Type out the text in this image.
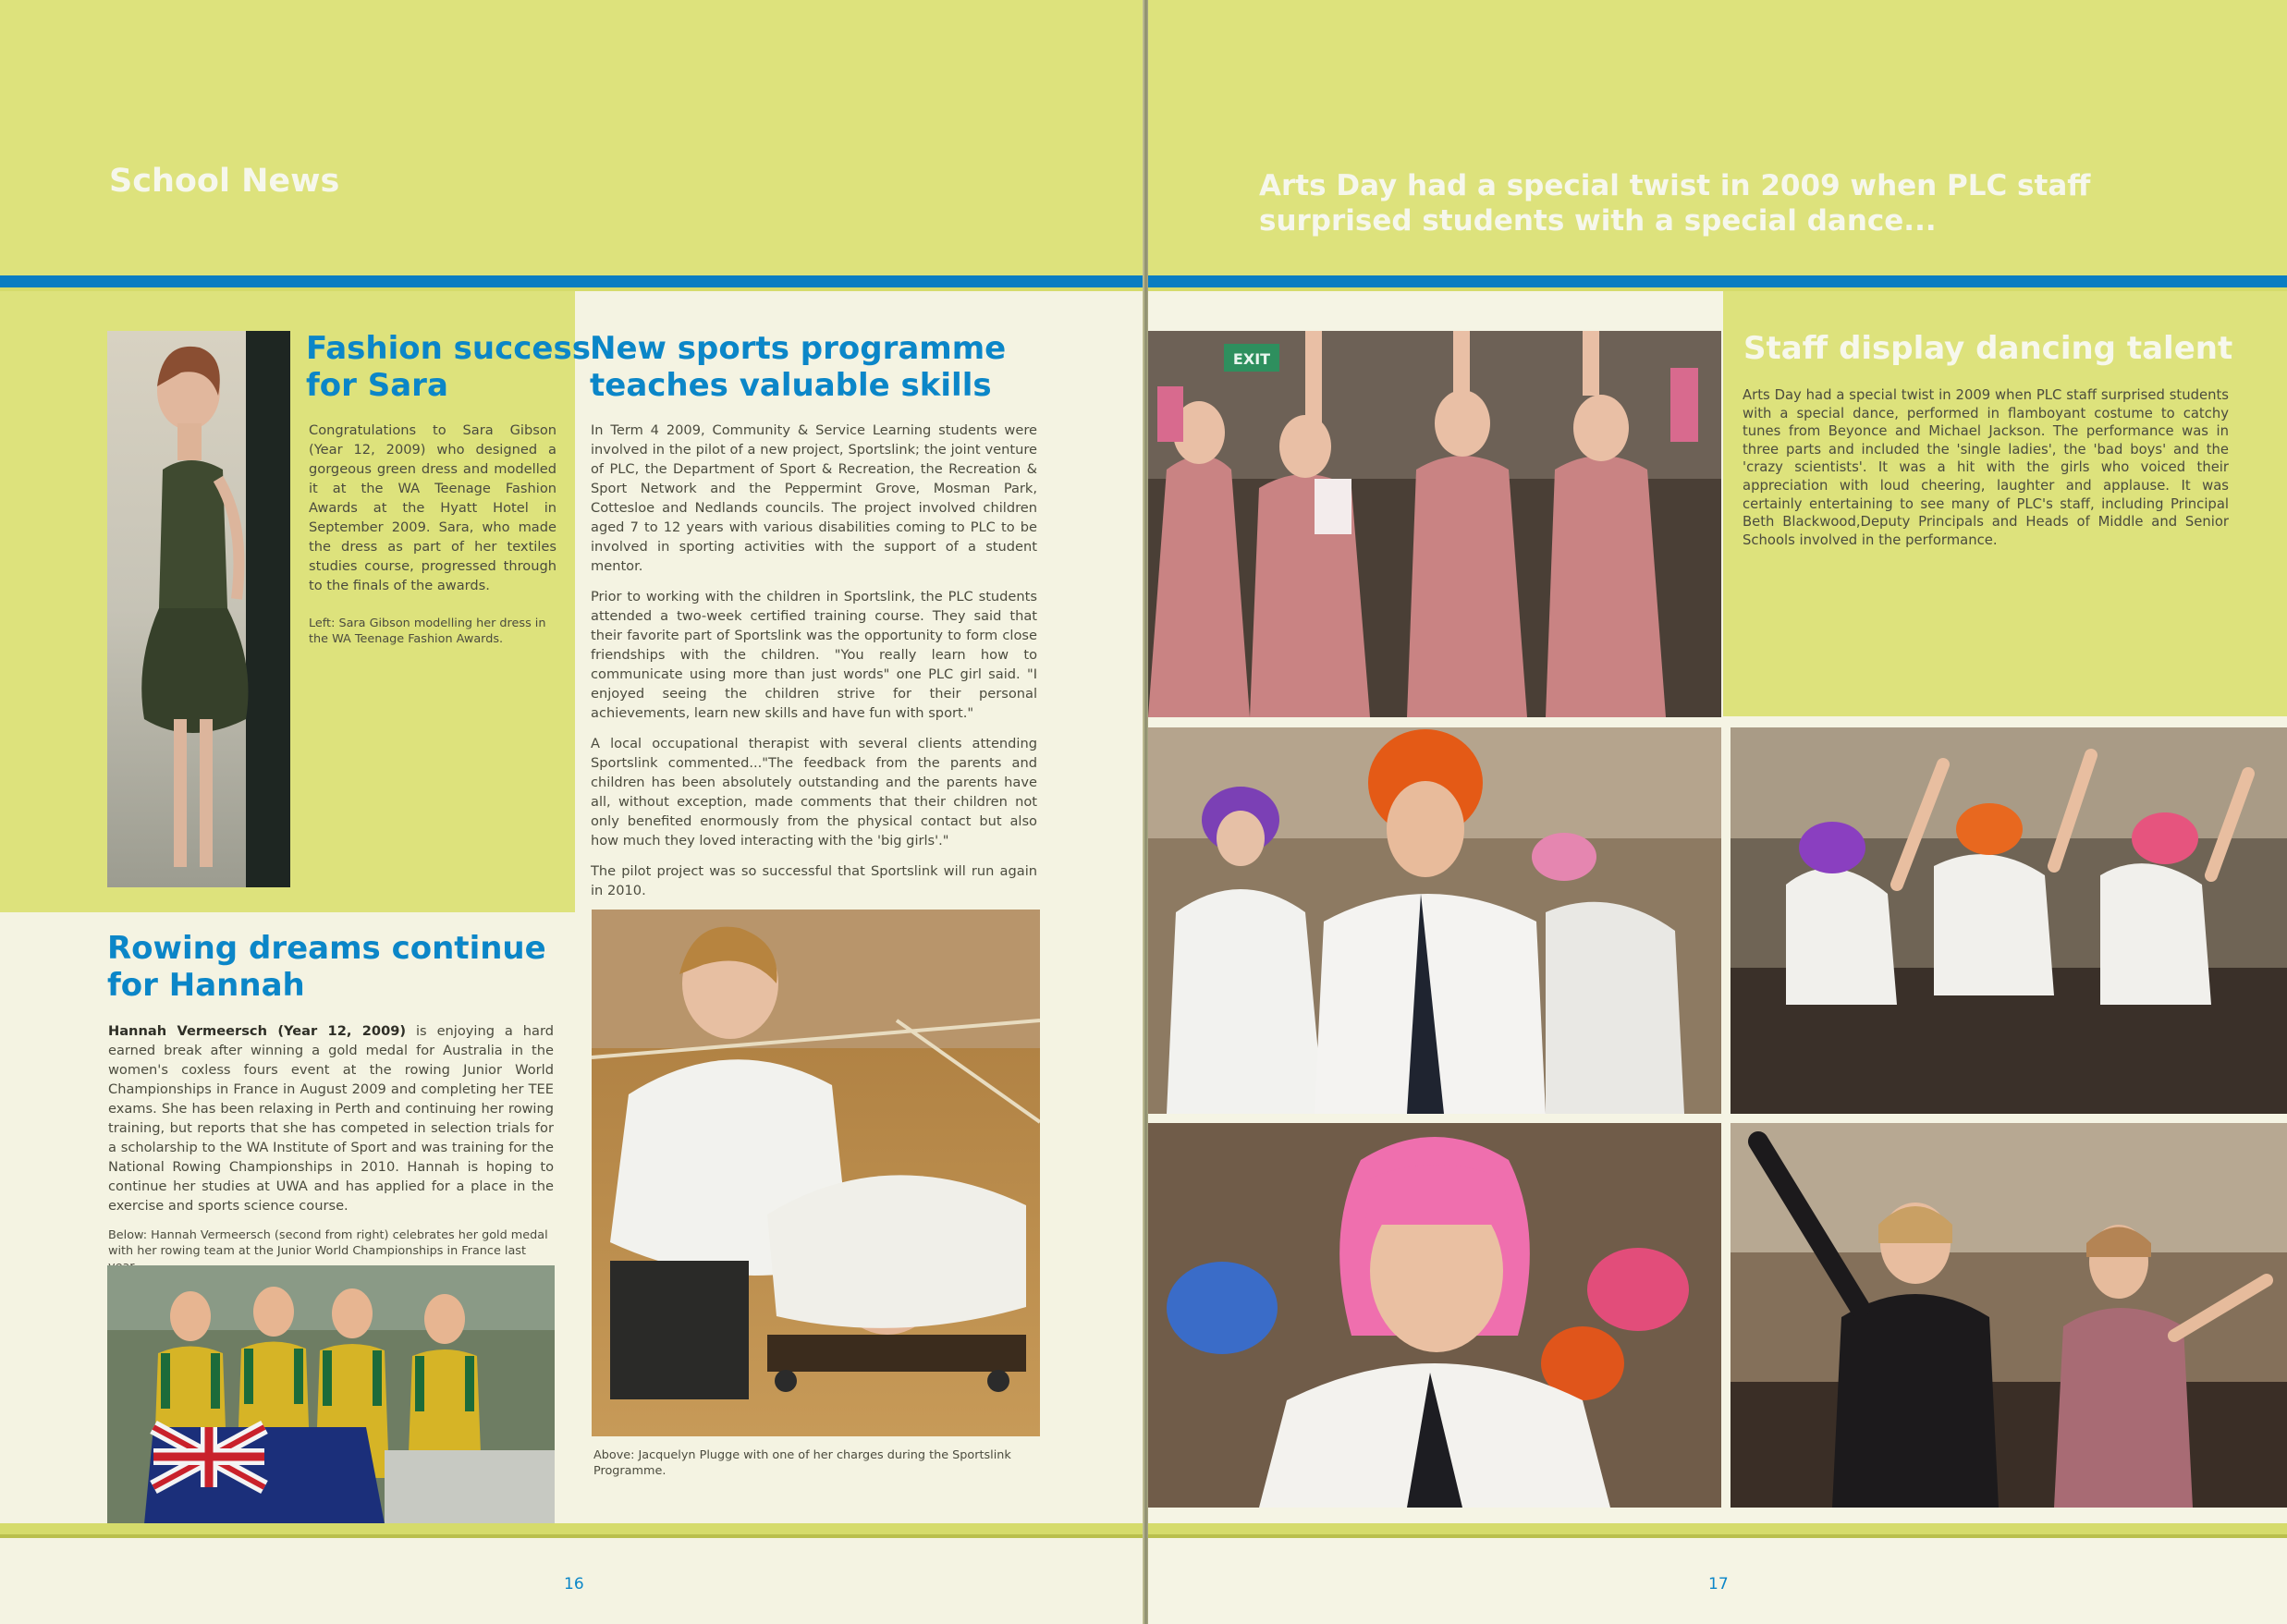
School News
Fashion success
for Sara

Congratulations to Sara Gibson (Year 12, 2009) who designed a gorgeous green dress and modelled it at the WA Teenage Fashion Awards at the Hyatt Hotel in September 2009. Sara, who made the dress as part of her textiles studies course, progressed through to the finals of the awards.

Left: Sara Gibson modelling her dress in the WA Teenage Fashion Awards.
New sports programme
teaches valuable skills

In Term 4 2009, Community & Service Learning students were involved in the pilot of a new project, Sportslink; the joint venture of PLC, the Department of Sport & Recreation, the Recreation & Sport Network and the Peppermint Grove, Mosman Park, Cottesloe and Nedlands councils. The project involved children aged 7 to 12 years with various disabilities coming to PLC to be involved in sporting activities with the support of a student mentor.

Prior to working with the children in Sportslink, the PLC students attended a two-week certified training course. They said that their favorite part of Sportslink was the opportunity to form close friendships with the children. "You really learn how to communicate using more than just words" one PLC girl said. "I enjoyed seeing the children strive for their personal achievements, learn new skills and have fun with sport."

A local occupational therapist with several clients attending Sportslink commented..."The feedback from the parents and children has been absolutely outstanding and the parents have all, without exception, made comments that their children not only benefited enormously from the physical contact but also how much they loved interacting with the 'big girls'."

The pilot project was so successful that Sportslink will run again in 2010.

Above: Jacquelyn Plugge with one of her charges during the Sportslink Programme.
Rowing dreams continue
for Hannah

Hannah Vermeersch (Year 12, 2009) is enjoying a hard earned break after winning a gold medal for Australia in the women's coxless fours event at the rowing Junior World Championships in France in August 2009 and completing her TEE exams. She has been relaxing in Perth and continuing her rowing training, but reports that she has competed in selection trials for a scholarship to the WA Institute of Sport and was training for the National Rowing Championships in 2010. Hannah is hoping to continue her studies at UWA and has applied for a place in the exercise and sports science course.

Below: Hannah Vermeersch (second from right) celebrates her gold medal with her rowing team at the Junior World Championships in France last
16
Arts Day had a special twist in 2009 when PLC staff surprised students with a special dance...
Staff display dancing talent

Arts Day had a special twist in 2009 when PLC staff surprised students with a special dance, performed in flamboyant costume to catchy tunes from Beyonce and Michael Jackson. The performance was in three parts and included the 'single ladies', the 'bad boys' and the 'crazy scientists'. It was a hit with the girls who voiced their appreciation with loud cheering, laughter and applause. It was certainly entertaining to see many of PLC's staff, including Principal Beth Blackwood,Deputy Principals and Heads of Middle and Senior Schools involved in the performance.

EXIT
17
